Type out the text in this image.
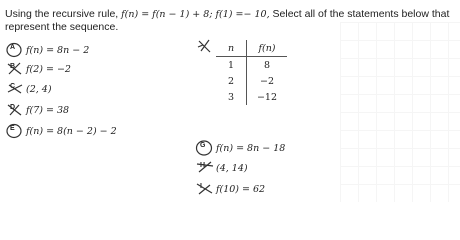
Using the recursive rule, f(n) = f(n − 1) + 8; f(1) =− 10, Select all of the statements below that represent the sequence.
n	f(n)
1	8
2	−2
3	−12
A f(n) = 8n − 2
B f(2) = −2
C (2, 4)
D f(7) = 38
E f(n) = 8(n − 2) − 2
G f(n) = 8n − 18
H (4, 14)
I f(10) = 62
